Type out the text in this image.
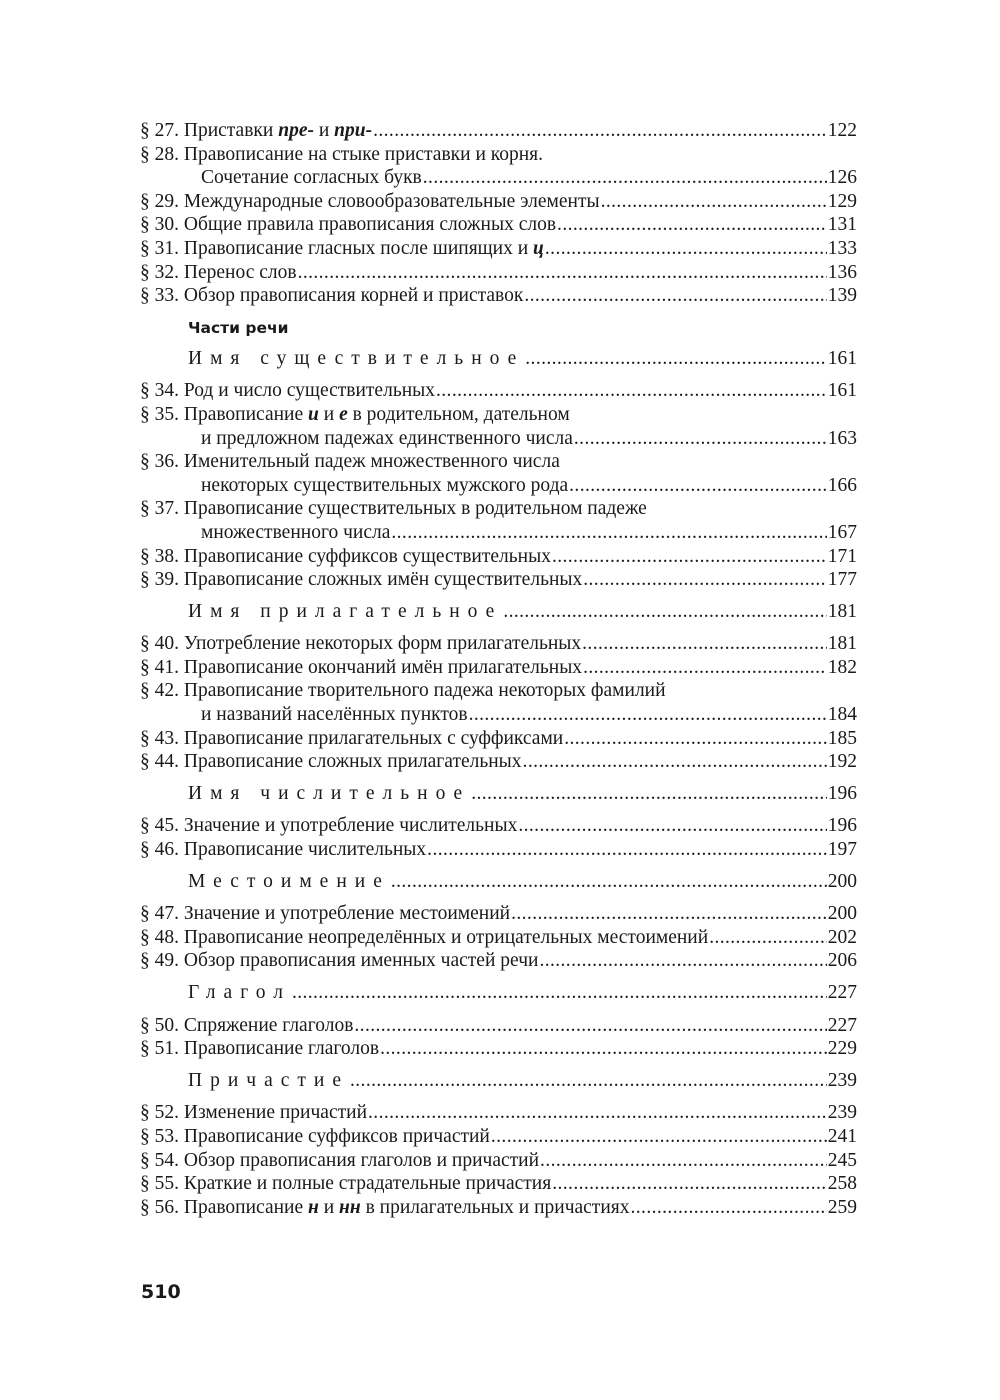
§ 27. Приставки пре- и при- .....	122
§ 28. Правописание на стыке приставки и корня.
Сочетание согласных букв .....	126
§ 29. Международные словообразовательные элементы .....	129
§ 30. Общие правила правописания сложных слов .....	131
§ 31. Правописание гласных после шипящих и ц .....	133
§ 32. Перенос слов .....	136
§ 33. Обзор правописания корней и приставок .....	139
Части речи
Имя существительное .....	161
§ 34. Род и число существительных .....	161
§ 35. Правописание и и е в родительном, дательном
и предложном падежах единственного числа .....	163
§ 36. Именительный падеж множественного числа
некоторых существительных мужского рода .....	166
§ 37. Правописание существительных в родительном падеже
множественного числа .....	167
§ 38. Правописание суффиксов существительных .....	171
§ 39. Правописание сложных имён существительных .....	177
Имя прилагательное .....	181
§ 40. Употребление некоторых форм прилагательных .....	181
§ 41. Правописание окончаний имён прилагательных .....	182
§ 42. Правописание творительного падежа некоторых фамилий
и названий населённых пунктов .....	184
§ 43. Правописание прилагательных с суффиксами .....	185
§ 44. Правописание сложных прилагательных .....	192
Имя числительное .....	196
§ 45. Значение и употребление числительных .....	196
§ 46. Правописание числительных .....	197
Местоимение .....	200
§ 47. Значение и употребление местоимений .....	200
§ 48. Правописание неопределённых и отрицательных местоимений .....	202
§ 49. Обзор правописания именных частей речи .....	206
Глагол .....	227
§ 50. Спряжение глаголов .....	227
§ 51. Правописание глаголов .....	229
Причастие .....	239
§ 52. Изменение причастий .....	239
§ 53. Правописание суффиксов причастий .....	241
§ 54. Обзор правописания глаголов и причастий .....	245
§ 55. Краткие и полные страдательные причастия .....	258
§ 56. Правописание н и нн в прилагательных и причастиях .....	259
510
